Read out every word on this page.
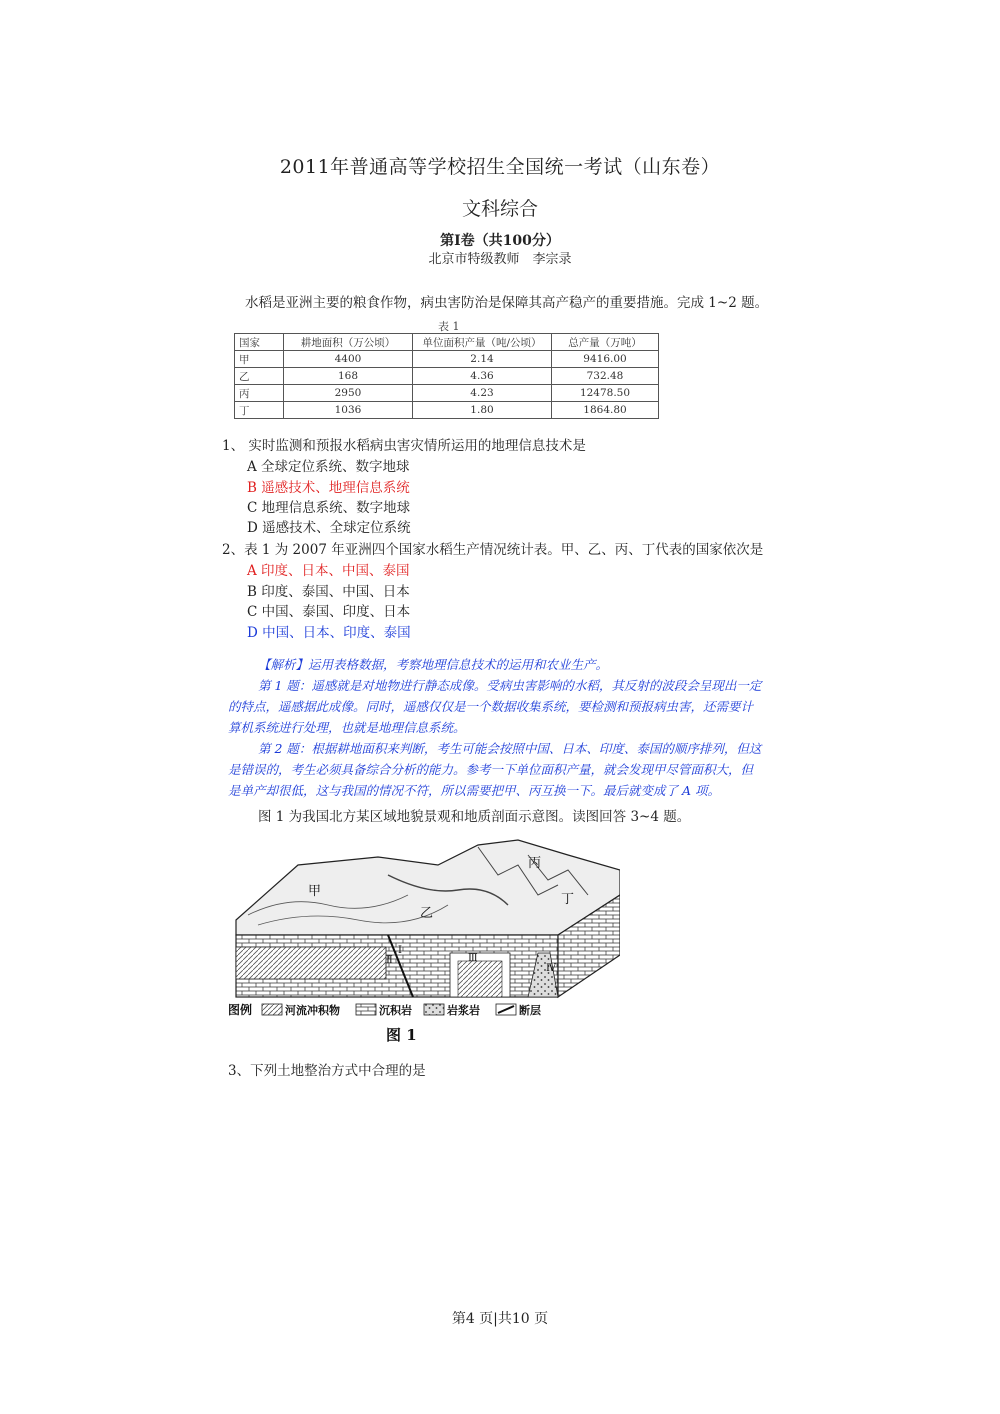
2011年普通高等学校招生全国统一考试（山东卷）
文科综合
第Ⅰ卷（共100分）
北京市特级教师　李宗录
水稻是亚洲主要的粮食作物，病虫害防治是保障其高产稳产的重要措施。完成 1~2 题。
表 1
国家	耕地面积（万公顷）	单位面积产量（吨/公顷）	总产量（万吨）
甲	4400	2.14	9416.00
乙	168	4.36	732.48
丙	2950	4.23	12478.50
丁	1036	1.80	1864.80
1、 实时监测和预报水稻病虫害灾情所运用的地理信息技术是
A 全球定位系统、数字地球
B 遥感技术、地理信息系统
C 地理信息系统、数字地球
D 遥感技术、全球定位系统
2、表 1 为 2007 年亚洲四个国家水稻生产情况统计表。甲、乙、丙、丁代表的国家依次是
A 印度、日本、中国、泰国
B 印度、泰国、中国、日本
C 中国、泰国、印度、日本
D 中国、日本、印度、泰国
【解析】运用表格数据，考察地理信息技术的运用和农业生产。
第 1 题：遥感就是对地物进行静态成像。受病虫害影响的水稻，其反射的波段会呈现出一定
的特点，遥感据此成像。同时，遥感仅仅是一个数据收集系统，要检测和预报病虫害，还需要计
算机系统进行处理，也就是地理信息系统。
第 2 题：根据耕地面积来判断，考生可能会按照中国、日本、印度、泰国的顺序排列，但这
是错误的，考生必须具备综合分析的能力。参考一下单位面积产量，就会发现甲尽管面积大，但
是单产却很低，这与我国的情况不符，所以需要把甲、丙互换一下。最后就变成了 A 项。
图 1 为我国北方某区域地貌景观和地质剖面示意图。读图回答 3~4 题。
甲
乙
丙
丁
Ⅰ
Ⅱ	Ⅲ
Ⅳ
图例	河流冲积物	沉积岩	岩浆岩	断层
图 1
3、下列土地整治方式中合理的是
第4 页|共10 页
